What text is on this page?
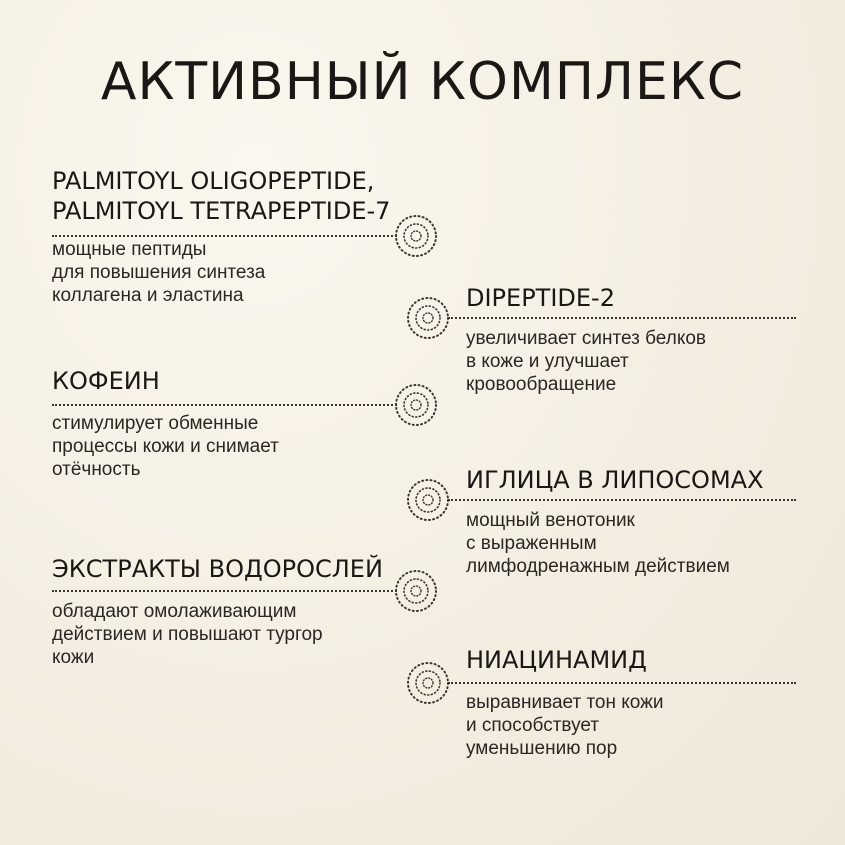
АКТИВНЫЙ КОМПЛЕКС
PALMITOYL OLIGOPEPTIDE,
PALMITOYL TETRAPEPTIDE-7
мощные пептиды
для повышения синтеза
коллагена и эластина	DIPEPTIDE-2
увеличивает синтез белков
в коже и улучшает
кровообращение
КОФЕИН
стимулирует обменные
процессы кожи и снимает
отёчность	ИГЛИЦА В ЛИПОСОМАХ
мощный венотоник
с выраженным
лимфодренажным действием
ЭКСТРАКТЫ ВОДОРОСЛЕЙ
обладают омолаживающим
действием и повышают тургор
кожи	НИАЦИНАМИД
выравнивает тон кожи
и способствует
уменьшению пор
